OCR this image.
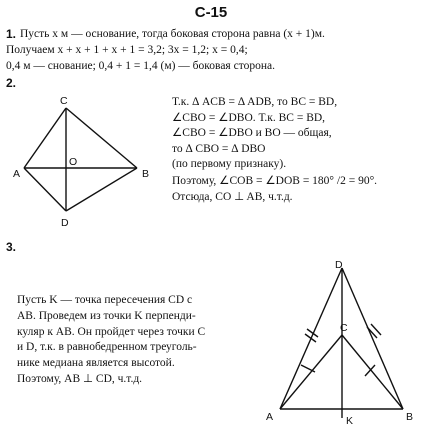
С-15
1. Пусть x м — основание, тогда боковая сторона равна (x + 1)м.
Получаем x + x + 1 + x + 1 = 3,2; 3x = 1,2; x = 0,4;
0,4 м — снование; 0,4 + 1 = 1,4 (м) — боковая сторона.
2.
Т.к. ∆ ACB = ∆ ADB, то BC = BD,
∠CBO = ∠DBO. Т.к. BC = BD,
∠CBO = ∠DBO и BO — общая,
то ∆ CBO = ∆ DBO
(по первому признаку).
Поэтому, ∠COB = ∠DOB = 180° /2 = 90°.
Отсюда, CO ⊥ AB, ч.т.д.
3.
Пусть K — точка пересечения CD с
AB. Проведем из точки K перпенди-
куляр к AB. Он пройдет через точки C
и D, т.к. в равнобедренном треуголь-
нике медиана является высотой.
Поэтому, AB ⊥ CD, ч.т.д.
C
A	B
D
O
D
C
A	B
K
